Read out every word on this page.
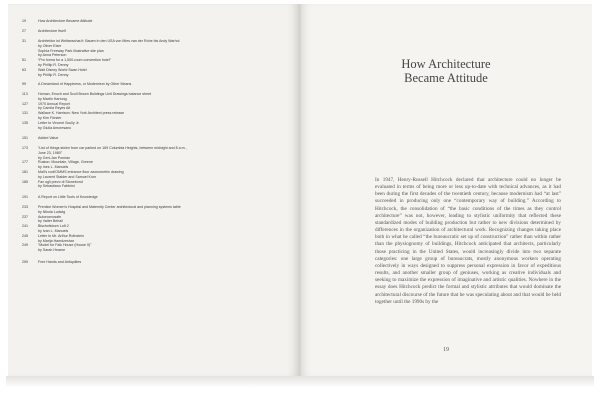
19	How Architecture Became Attitude
27	Architecture Itself
31	Architektur ist Weltanschau’t: Bauen in den USA von Mies van der Rohe bis Andy Warhol
by Oliver Elser
Sophia Freeway Park illustrative site plan
by Anna Peterson
51	“Pro forma for a 1,500-room convention hotel”
by Phillip R. Denny
63	Walt Disney World Swan Hotel
by Phillip R. Denny
99	A Dreamland of Happiness, or Modernism by Other Means
113	Homan, Enoch and Scull Brown Buildings Unit Drawings balance sheet
by Martin Hartung
127	1970 Annual Report
by Camila Reyes Ait
131	Wallace K. Harrison: New York Architect press release
by Kim Förster
135	Letter to Vincent Scully Jr.
by Giulia Amoresano
151	Added Value
173	“List of things stolen from car parked on 169 Columbia Heights, between midnight and 8 a.m.,
June 23, 1980”
by Gert-Jan Pomian
177	Ruston: Mountain, Village, Greene
by Ines L. Manuels
181	Mall’s roof/OMMS entrance floor axonometric drawing
by Laurent Stalder and Samuel Korn
185	Fax ogli prevo di Stonebond
by Sebastiano Fabbrini
191	A Report on Little Tools of Knowledge
233	Prentice Women’s Hospital and Maternity Center architectural and planning systems table
by Nikola Ludwig
237	Autonomosafe
by Valter Behali
241	Bischofsburn Loft 2
by Ivan L. Manuels
245	Letter to Mr. Arthur Rothstein
by Marija Hamdzeshar
249	“Model for Falk House (House II)”
by Sarah Hearne
259	Free Hands and Antiquities
How Architecture
Became Attitude
In 1947, Henry-Russell Hitchcock declared that architecture could no longer be evaluated in terms of being more or less up-to-date with technical advances, as it had been during the first decades of the twentieth century, because modernism had “at last” succeeded in producing only one “contemporary way of building.” According to Hitchcock, the consolidation of “the basic conditions of the times as they control architecture” was not, however, leading to stylistic uniformity that reflected these standardized modes of building production but rather to new divisions determined by differences in the organization of architectural work. Recognizing changes taking place both in what he called “the bureaucratic set up of construction” rather than within rather than the physiognomy of buildings, Hitchcock anticipated that architects, particularly those practicing in the United States, would increasingly divide into two separate categories: one large group of bureaucrats, mostly anonymous workers operating collectively in ways designed to suppress personal expression in favor of expeditious results, and another smaller group of geniuses, working as creative individuals and seeking to maximize the expression of imaginative and artistic qualities. Nowhere in the essay does Hitchcock predict the formal and stylistic attributes that would dominate the architectural discourse of the future that he was speculating about and that would be held together until the 1990s by the
19
